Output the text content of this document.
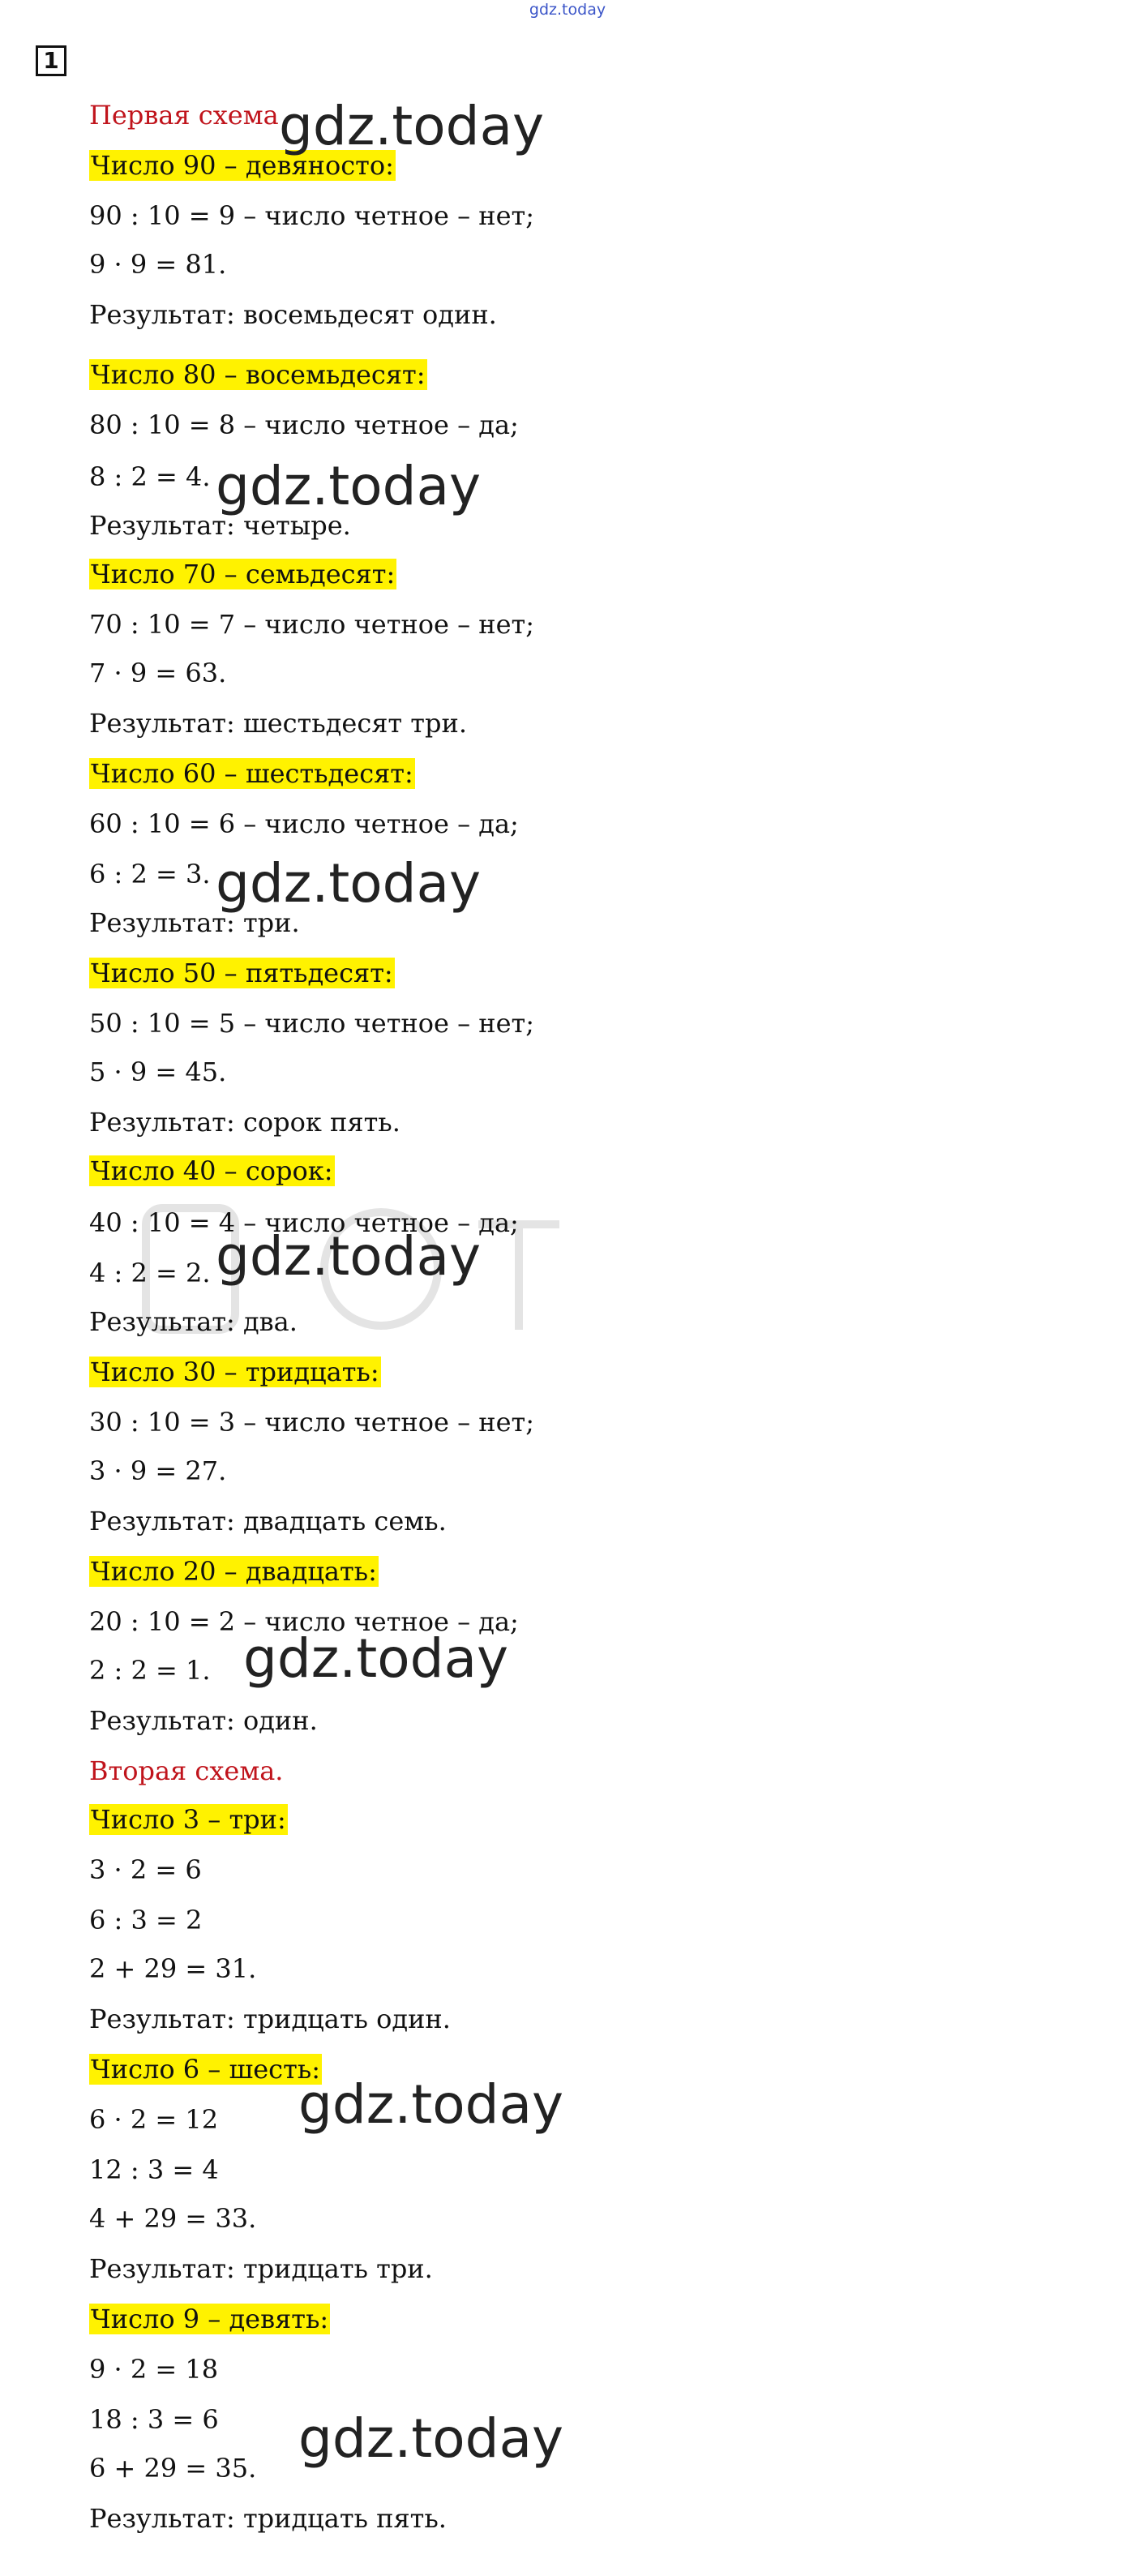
gdz.today
1
Первая схема
Число 90 – девяносто:
90 : 10 = 9 – число четное – нет;
9 · 9 = 81.
Результат: восемьдесят один.
Число 80 – восемьдесят:
80 : 10 = 8 – число четное – да;
8 : 2 = 4.
Результат: четыре.
Число 70 – семьдесят:
70 : 10 = 7 – число четное – нет;
7 · 9 = 63.
Результат: шестьдесят три.
Число 60 – шестьдесят:
60 : 10 = 6 – число четное – да;
6 : 2 = 3.
Результат: три.
Число 50 – пятьдесят:
50 : 10 = 5 – число четное – нет;
5 · 9 = 45.
Результат: сорок пять.
Число 40 – сорок:
40 : 10 = 4 – число четное – да;
4 : 2 = 2.
Результат: два.
Число 30 – тридцать:
30 : 10 = 3 – число четное – нет;
3 · 9 = 27.
Результат: двадцать семь.
Число 20 – двадцать:
20 : 10 = 2 – число четное – да;
2 : 2 = 1.
Результат: один.
Вторая схема.
Число 3 – три:
3 · 2 = 6
6 : 3 = 2
2 + 29 = 31.
Результат: тридцать один.
Число 6 – шесть:
6 · 2 = 12
12 : 3 = 4
4 + 29 = 33.
Результат: тридцать три.
Число 9 – девять:
9 · 2 = 18
18 : 3 = 6
6 + 29 = 35.
Результат: тридцать пять.
gdz.today
gdz.today
gdz.today
gdz.today
gdz.today
gdz.today
gdz.today
